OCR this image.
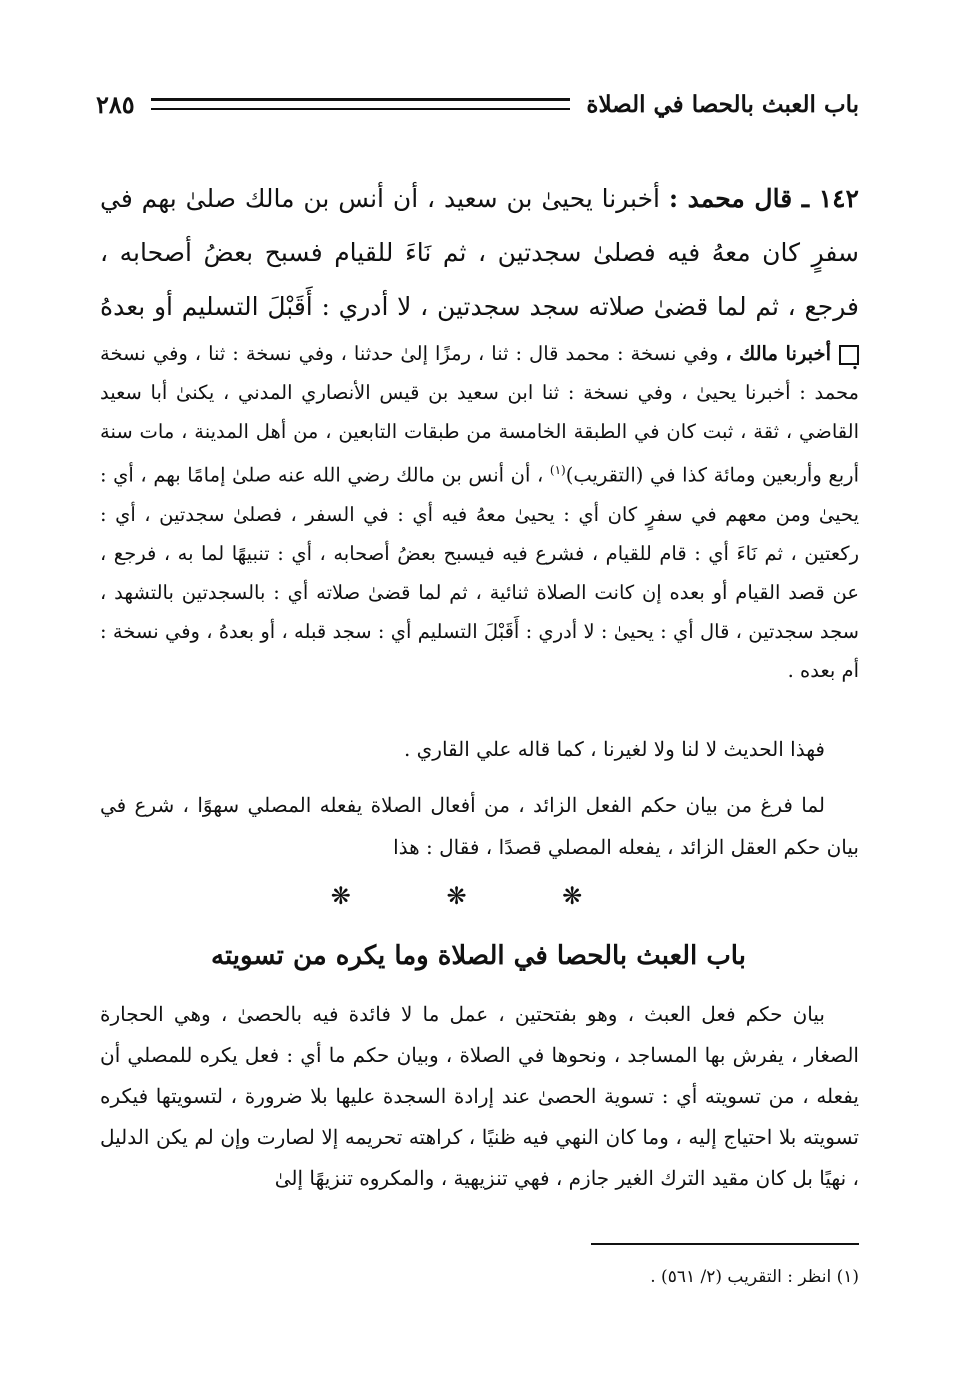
باب العبث بالحصا في الصلاة
٢٨٥

١٤٢ ـ قال محمد : أخبرنا يحيىٰ بن سعيد ، أن أنس بن مالك صلىٰ بهم في سفرٍ كان معهُ فيه فصلىٰ سجدتين ، ثم نَاءَ للقيام فسبح بعضُ أصحابه ، فرجع ، ثم لما قضىٰ صلاته سجد سجدتين ، لا أدري : أَقَبْلَ التسليم أو بعدهُ .

أخبرنا مالك ، وفي نسخة : محمد قال : ثنا ، رمزًا إلىٰ حدثنا ، وفي نسخة : ثنا ، وفي نسخة محمد : أخبرنا يحيىٰ ، وفي نسخة : ثنا ابن سعيد بن قيس الأنصاري المدني ، يكنىٰ أبا سعيد القاضي ، ثقة ، ثبت كان في الطبقة الخامسة من طبقات التابعين ، من أهل المدينة ، مات سنة أربع وأربعين ومائة كذا في (التقريب)$^{(١)}$ ، أن أنس بن مالك رضي الله عنه صلىٰ إمامًا بهم ، أي : يحيىٰ ومن معهم في سفرٍ كان أي : يحيىٰ معهُ فيه أي : في السفر ، فصلىٰ سجدتين ، أي : ركعتين ، ثم نَاءَ أي : قام للقيام ، فشرع فيه فيسبح بعضُ أصحابه ، أي : تنبيهًا لما به ، فرجع ، عن قصد القيام أو بعده إن كانت الصلاة ثنائية ، ثم لما قضىٰ صلاته أي : بالسجدتين بالتشهد ، سجد سجدتين ، قال أي : يحيىٰ : لا أدري : أَقَبْلَ التسليم أي : سجد قبله ، أو بعدهُ ، وفي نسخة : أم بعده .

فهذا الحديث لا لنا ولا لغيرنا ، كما قاله علي القاري .

لما فرغ من بيان حكم الفعل الزائد ، من أفعال الصلاة يفعله المصلي سهوًا ، شرع في بيان حكم العقل الزائد ، يفعله المصلي قصدًا ، فقال : هذا

❋ ❋ ❋
باب العبث بالحصا في الصلاة وما يكره من تسويته

بيان حكم فعل العبث ، وهو بفتحتين ، عمل ما لا فائدة فيه بالحصىٰ ، وهي الحجارة الصغار ، يفرش بها المساجد ، ونحوها في الصلاة ، وبيان حكم ما أي : فعل يكره للمصلي أن يفعله ، من تسويته أي : تسوية الحصىٰ عند إرادة السجدة عليها بلا ضرورة ، لتسويتها فيكره تسويته بلا احتياج إليه ، وما كان النهي فيه ظنيًا ، كراهته تحريمه إلا لصارت وإن لم يكن الدليل ، نهيًا بل كان مقيد الترك الغير جازم ، فهي تنزيهية ، والمكروه تنزيهًا إلىٰ

(١) انظر : التقريب (٢/ ٥٦١) .
